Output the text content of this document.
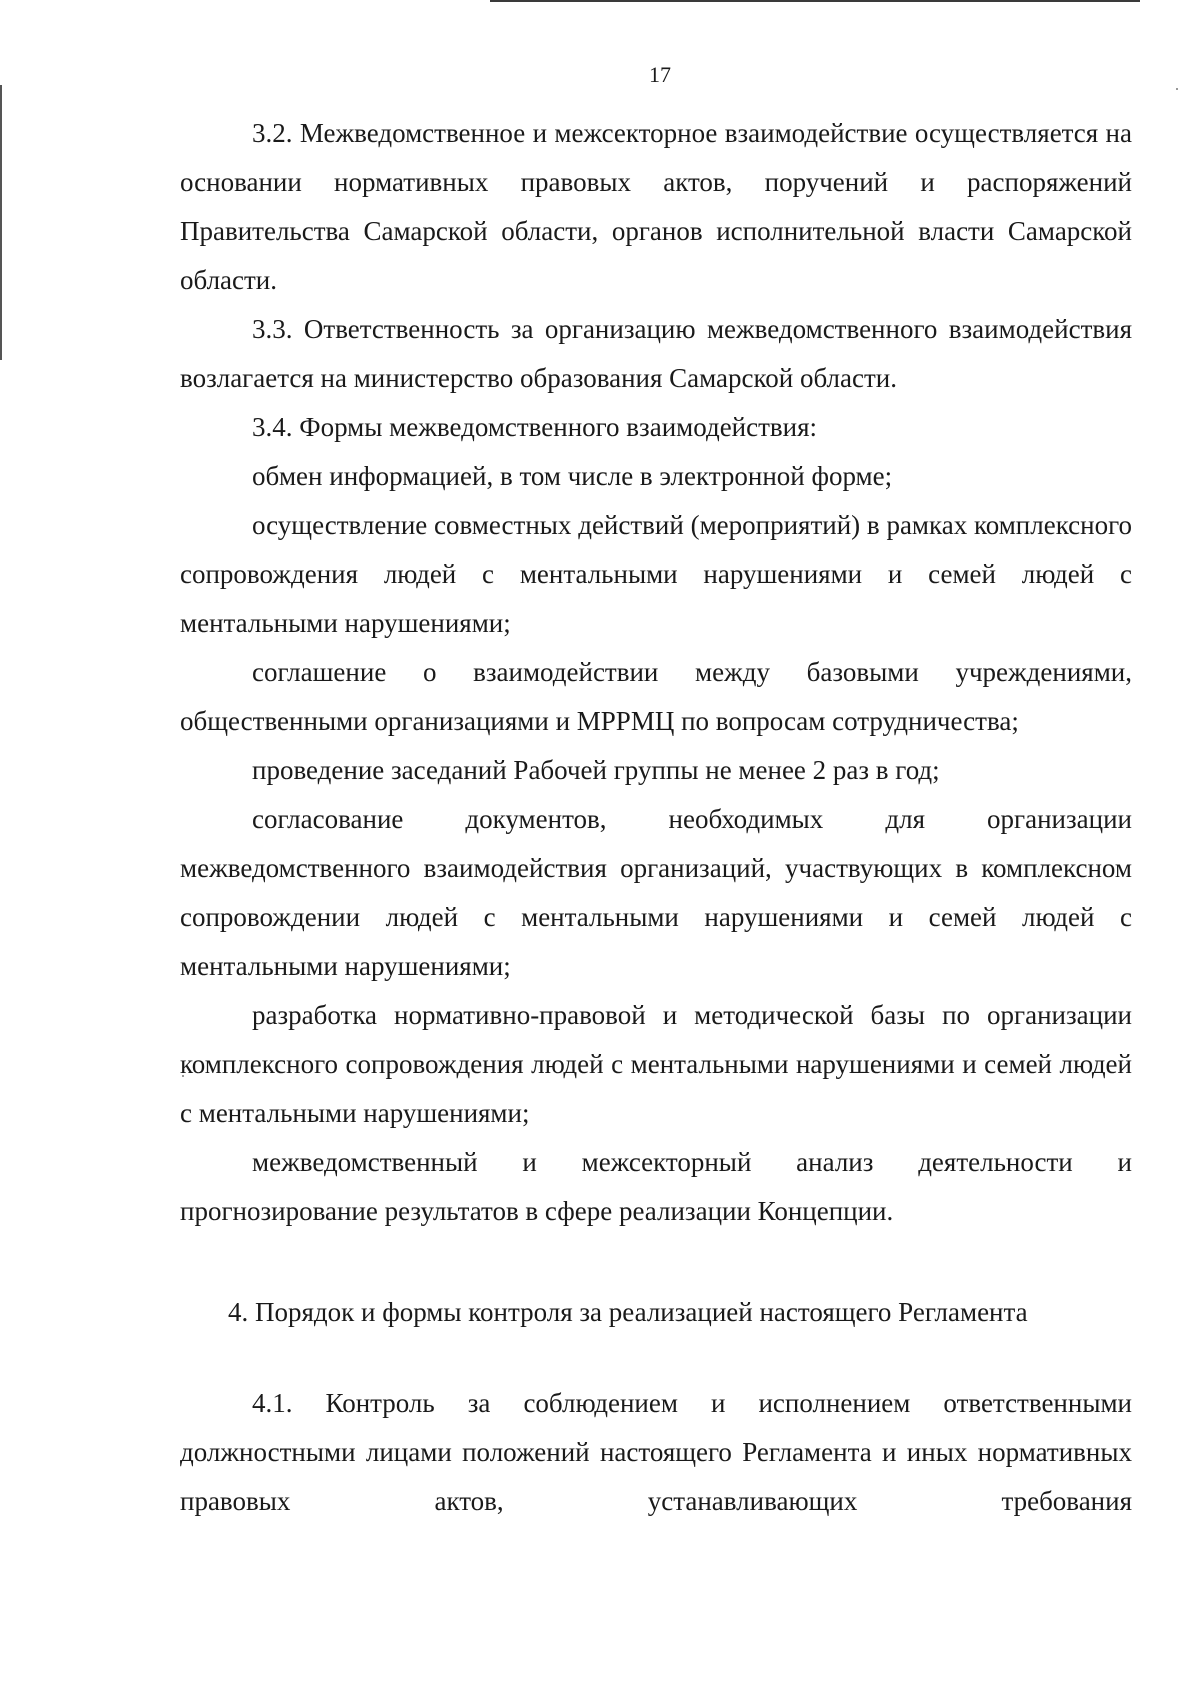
17

3.2. Межведомственное и межсекторное взаимодействие осуществляется на основании нормативных правовых актов, поручений и распоряжений Правительства Самарской области, органов исполнительной власти Самарской области.

3.3. Ответственность за организацию межведомственного взаимодействия возлагается на министерство образования Самарской области.

3.4. Формы межведомственного взаимодействия:

обмен информацией, в том числе в электронной форме;

осуществление совместных действий (мероприятий) в рамках комплексного сопровождения людей с ментальными нарушениями и семей людей с ментальными нарушениями;

соглашение о взаимодействии между базовыми учреждениями, общественными организациями и МРРМЦ по вопросам сотрудничества;

проведение заседаний Рабочей группы не менее 2 раз в год;

согласование документов, необходимых для организации межведомственного взаимодействия организаций, участвующих в комплексном сопровождении людей с ментальными нарушениями и семей людей с ментальными нарушениями;

разработка нормативно-правовой и методической базы по организации комплексного сопровождения людей с ментальными нарушениями и семей людей с ментальными нарушениями;

межведомственный и межсекторный анализ деятельности и прогнозирование результатов в сфере реализации Концепции.

4. Порядок и формы контроля за реализацией настоящего Регламента

4.1. Контроль за соблюдением и исполнением ответственными должностными лицами положений настоящего Регламента и иных нормативных правовых актов, устанавливающих требования
